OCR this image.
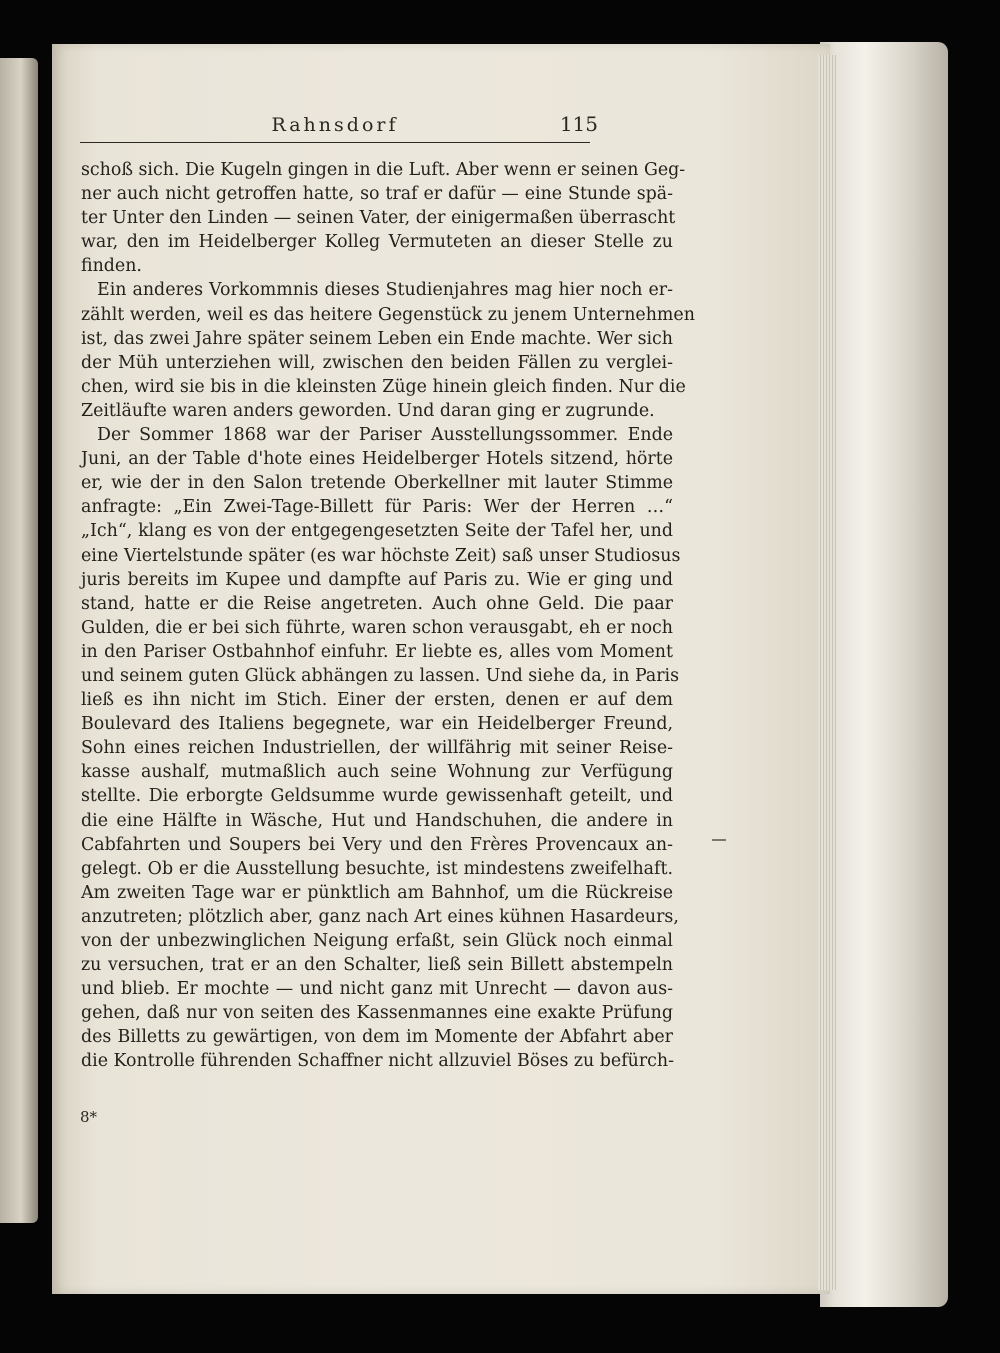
Rahnsdorf	115
schoß sich. Die Kugeln gingen in die Luft. Aber wenn er seinen Geg-
ner auch nicht getroffen hatte, so traf er dafür — eine Stunde spä-
ter Unter den Linden — seinen Vater, der einigermaßen überrascht
war, den im Heidelberger Kolleg Vermuteten an dieser Stelle zu
finden.
Ein anderes Vorkommnis dieses Studienjahres mag hier noch er-
zählt werden, weil es das heitere Gegenstück zu jenem Unternehmen
ist, das zwei Jahre später seinem Leben ein Ende machte. Wer sich
der Müh unterziehen will, zwischen den beiden Fällen zu verglei-
chen, wird sie bis in die kleinsten Züge hinein gleich finden. Nur die
Zeitläufte waren anders geworden. Und daran ging er zugrunde.
Der Sommer 1868 war der Pariser Ausstellungssommer. Ende
Juni, an der Table d'hote eines Heidelberger Hotels sitzend, hörte
er, wie der in den Salon tretende Oberkellner mit lauter Stimme
anfragte: „Ein Zwei-Tage-Billett für Paris: Wer der Herren …“
„Ich“, klang es von der entgegengesetzten Seite der Tafel her, und
eine Viertelstunde später (es war höchste Zeit) saß unser Studiosus
juris bereits im Kupee und dampfte auf Paris zu. Wie er ging und
stand, hatte er die Reise angetreten. Auch ohne Geld. Die paar
Gulden, die er bei sich führte, waren schon verausgabt, eh er noch
in den Pariser Ostbahnhof einfuhr. Er liebte es, alles vom Moment
und seinem guten Glück abhängen zu lassen. Und siehe da, in Paris
ließ es ihn nicht im Stich. Einer der ersten, denen er auf dem
Boulevard des Italiens begegnete, war ein Heidelberger Freund,
Sohn eines reichen Industriellen, der willfährig mit seiner Reise-
kasse aushalf, mutmaßlich auch seine Wohnung zur Verfügung
stellte. Die erborgte Geldsumme wurde gewissenhaft geteilt, und
die eine Hälfte in Wäsche, Hut und Handschuhen, die andere in
Cabfahrten und Soupers bei Very und den Frères Provencaux an-
gelegt. Ob er die Ausstellung besuchte, ist mindestens zweifelhaft.
Am zweiten Tage war er pünktlich am Bahnhof, um die Rückreise
anzutreten; plötzlich aber, ganz nach Art eines kühnen Hasardeurs,
von der unbezwinglichen Neigung erfaßt, sein Glück noch einmal
zu versuchen, trat er an den Schalter, ließ sein Billett abstempeln
und blieb. Er mochte — und nicht ganz mit Unrecht — davon aus-
gehen, daß nur von seiten des Kassenmannes eine exakte Prüfung
des Billetts zu gewärtigen, von dem im Momente der Abfahrt aber
die Kontrolle führenden Schaffner nicht allzuviel Böses zu befürch-
8*
